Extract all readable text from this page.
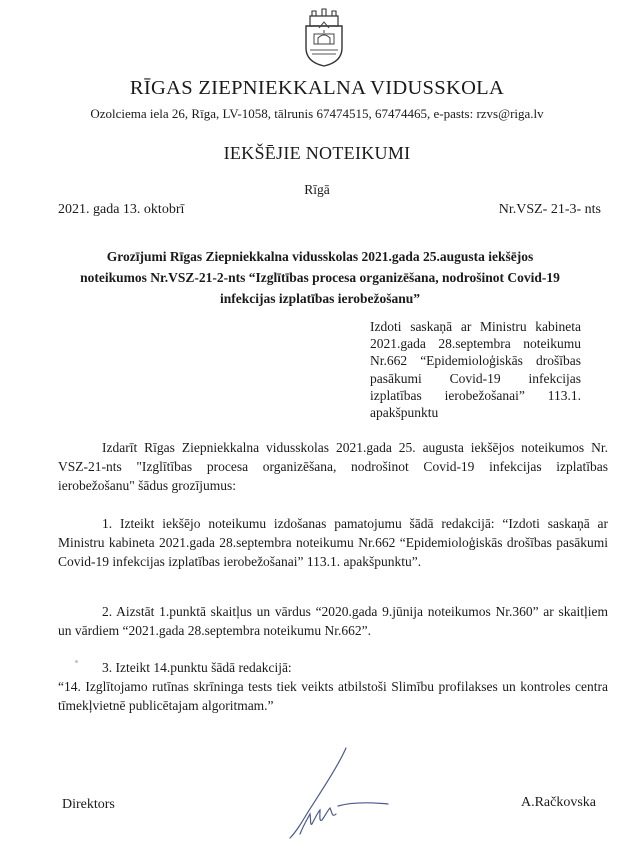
RĪGAS ZIEPNIEKKALNA VIDUSSKOLA
Ozolciema iela 26, Rīga, LV-1058, tālrunis 67474515, 67474465, e-pasts: rzvs@riga.lv
IEKŠĒJIE NOTEIKUMI
Rīgā
2021. gada 13. oktobrī	Nr.VSZ- 21-3- nts
Grozījumi Rīgas Ziepniekkalna vidusskolas 2021.gada 25.augusta iekšējos noteikumos Nr.VSZ-21-2-nts “Izglītības procesa organizēšana, nodrošinot Covid-19 infekcijas izplatības ierobežošanu”
Izdoti saskaņā ar Ministru kabineta 2021.gada 28.septembra noteikumu Nr.662 “Epidemioloģiskās drošības pasākumi Covid-19 infekcijas izplatības ierobežošanai” 113.1. apakšpunktu
Izdarīt Rīgas Ziepniekkalna vidusskolas 2021.gada 25. augusta iekšējos noteikumos Nr. VSZ-21-nts "Izglītības procesa organizēšana, nodrošinot Covid-19 infekcijas izplatības ierobežošanu" šādus grozījumus:
1. Izteikt iekšējo noteikumu izdošanas pamatojumu šādā redakcijā: “Izdoti saskaņā ar Ministru kabineta 2021.gada 28.septembra noteikumu Nr.662 “Epidemioloģiskās drošības pasākumi Covid-19 infekcijas izplatības ierobežošanai” 113.1. apakšpunktu”.
2. Aizstāt 1.punktā skaitļus un vārdus “2020.gada 9.jūnija noteikumos Nr.360” ar skaitļiem un vārdiem “2021.gada 28.septembra noteikumu Nr.662”.
3. Izteikt 14.punktu šādā redakcijā:
“14. Izglītojamo rutīnas skrīninga tests tiek veikts atbilstoši Slimību profilakses un kontroles centra tīmekļvietnē publicētajam algoritmam.”
Direktors	A.Račkovska
